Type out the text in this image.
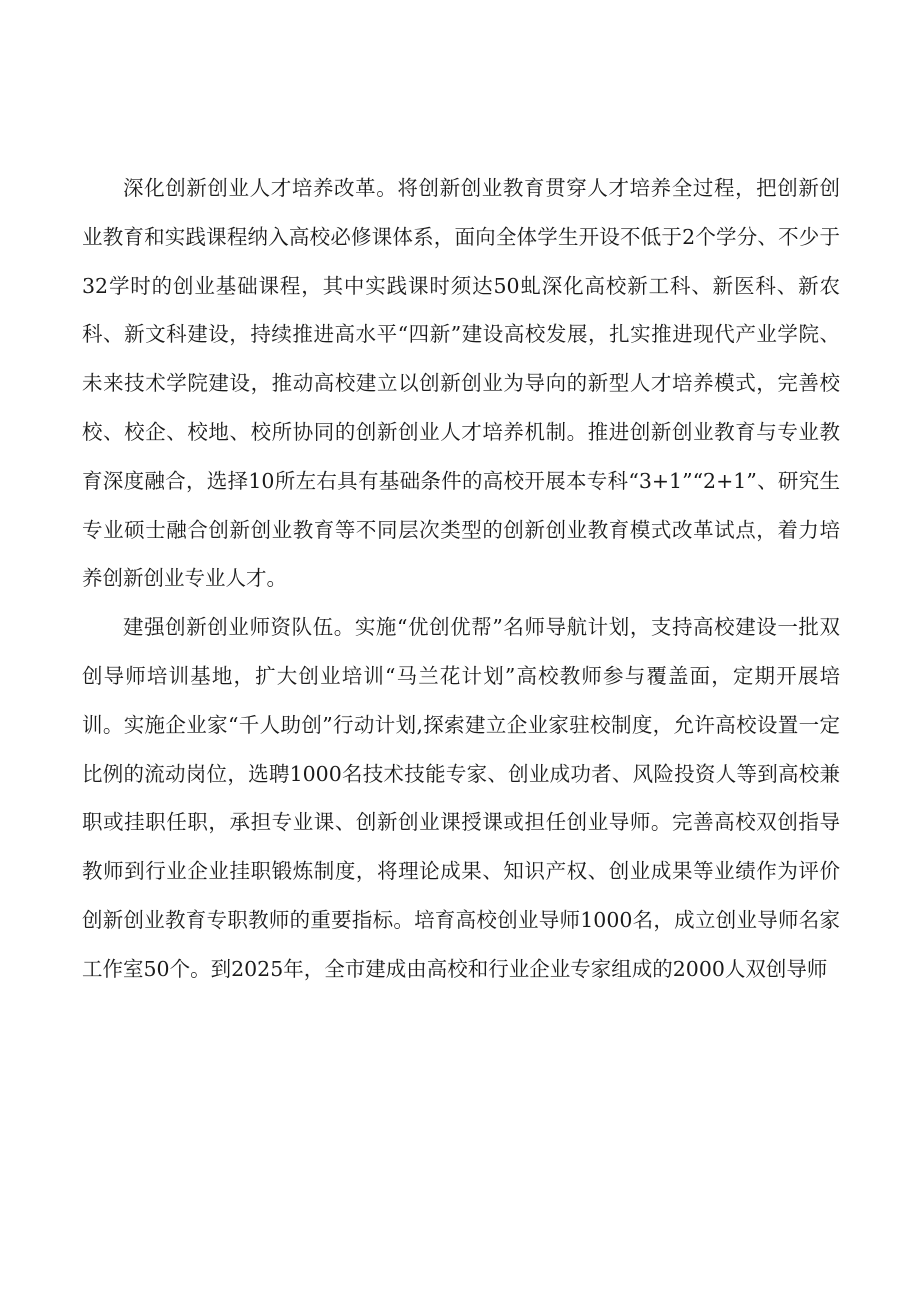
深化创新创业人才培养改革。将创新创业教育贯穿人才培养全过程，把创新创业教育和实践课程纳入高校必修课体系，面向全体学生开设不低于2个学分、不少于32学时的创业基础课程，其中实践课时须达50虬深化高校新工科、新医科、新农科、新文科建设，持续推进高水平“四新”建设高校发展，扎实推进现代产业学院、未来技术学院建设，推动高校建立以创新创业为导向的新型人才培养模式，完善校校、校企、校地、校所协同的创新创业人才培养机制。推进创新创业教育与专业教育深度融合，选择10所左右具有基础条件的高校开展本专科“3+1”“2+1”、研究生专业硕士融合创新创业教育等不同层次类型的创新创业教育模式改革试点，着力培养创新创业专业人才。

建强创新创业师资队伍。实施“优创优帮”名师导航计划，支持高校建设一批双创导师培训基地，扩大创业培训“马兰花计划”高校教师参与覆盖面，定期开展培训。实施企业家“千人助创”行动计划,探索建立企业家驻校制度，允许高校设置一定比例的流动岗位，选聘1000名技术技能专家、创业成功者、风险投资人等到高校兼职或挂职任职，承担专业课、创新创业课授课或担任创业导师。完善高校双创指导教师到行业企业挂职锻炼制度，将理论成果、知识产权、创业成果等业绩作为评价创新创业教育专职教师的重要指标。培育高校创业导师1000名，成立创业导师名家工作室50个。到2025年，全市建成由高校和行业企业专家组成的2000人双创导师
